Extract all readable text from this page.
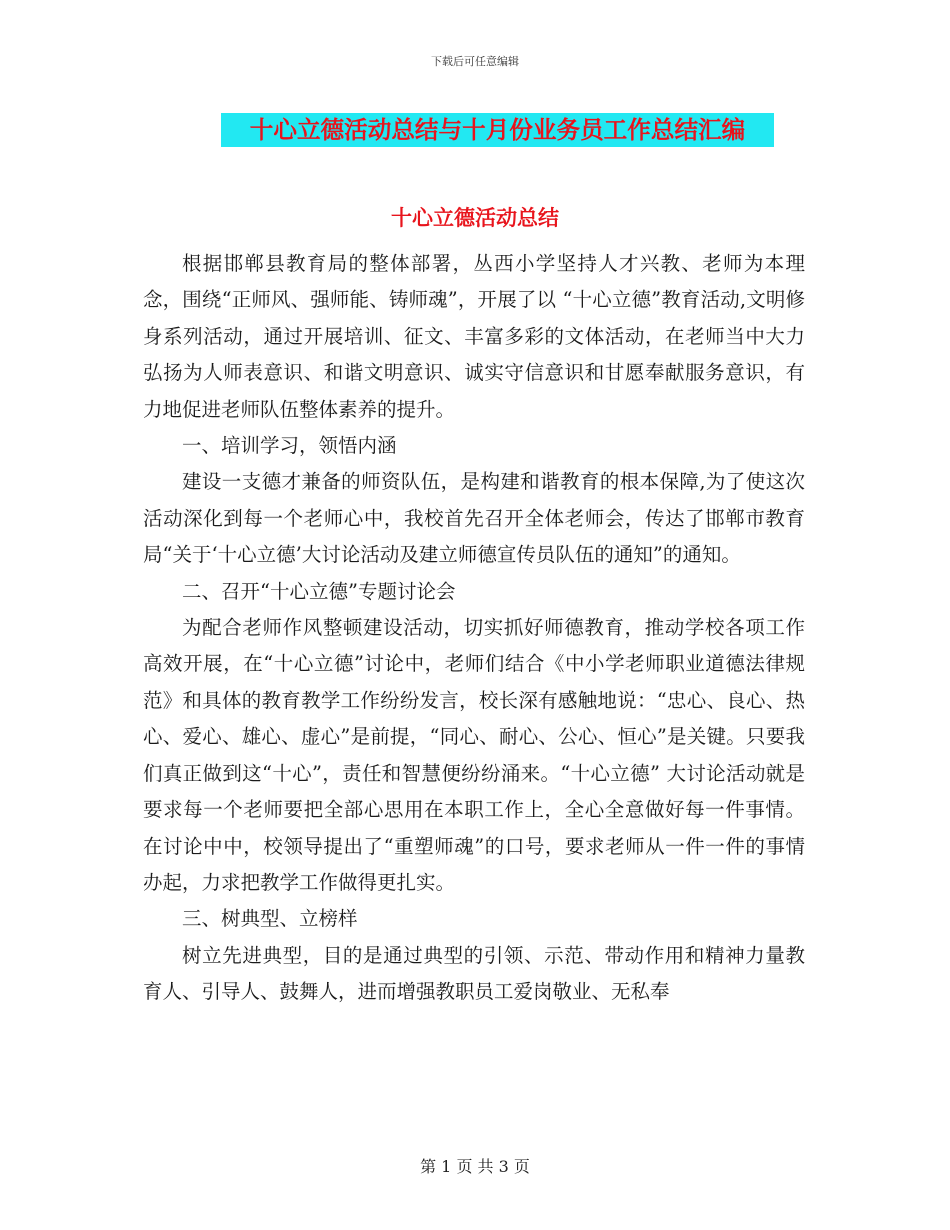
下载后可任意编辑
十心立德活动总结与十月份业务员工作总结汇编
十心立德活动总结

根据邯郸县教育局的整体部署，丛西小学坚持人才兴教、老师为本理念，围绕“正师风、强师能、铸师魂”，开展了以 “十心立德”教育活动,文明修身系列活动，通过开展培训、征文、丰富多彩的文体活动，在老师当中大力弘扬为人师表意识、和谐文明意识、诚实守信意识和甘愿奉献服务意识，有力地促进老师队伍整体素养的提升。

一、培训学习，领悟内涵

建设一支德才兼备的师资队伍，是构建和谐教育的根本保障,为了使这次活动深化到每一个老师心中，我校首先召开全体老师会，传达了邯郸市教育局“关于‘十心立德’大讨论活动及建立师德宣传员队伍的通知”的通知。

二、召开“十心立德”专题讨论会

为配合老师作风整顿建设活动，切实抓好师德教育，推动学校各项工作高效开展，在“十心立德”讨论中，老师们结合《中小学老师职业道德法律规范》和具体的教育教学工作纷纷发言，校长深有感触地说：“忠心、良心、热心、爱心、雄心、虚心”是前提，“同心、耐心、公心、恒心”是关键。只要我们真正做到这“十心”，责任和智慧便纷纷涌来。“十心立德” 大讨论活动就是要求每一个老师要把全部心思用在本职工作上，全心全意做好每一件事情。在讨论中中，校领导提出了“重塑师魂”的口号，要求老师从一件一件的事情办起，力求把教学工作做得更扎实。

三、树典型、立榜样

树立先进典型，目的是通过典型的引领、示范、带动作用和精神力量教育人、引导人、鼓舞人，进而增强教职员工爱岗敬业、无私奉

第 1 页 共 3 页
